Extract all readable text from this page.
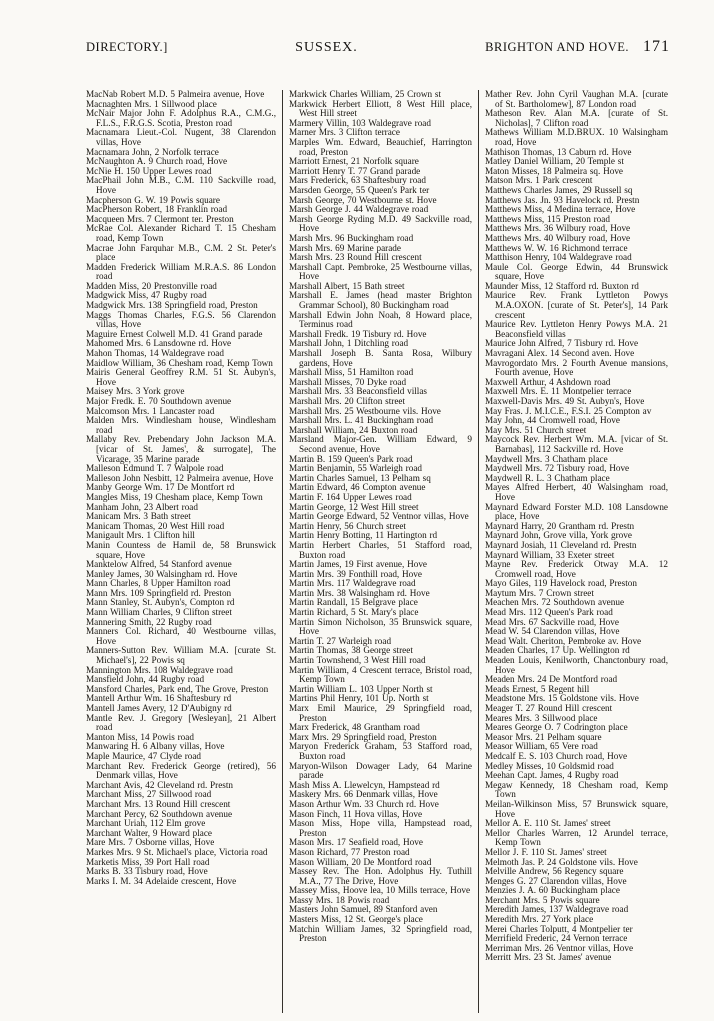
DIRECTORY.]	SUSSEX.	BRIGHTON AND HOVE. 171

MacNab Robert M.D. 5 Palmeira avenue, Hove

Macnaghten Mrs. 1 Sillwood place

McNair Major John F. Adolphus R.A., C.M.G., F.L.S., F.R.G.S. Scotia, Preston road

Macnamara Lieut.-Col. Nugent, 38 Clarendon villas, Hove

Macnamara John, 2 Norfolk terrace

McNaughton A. 9 Church road, Hove

McNie H. 150 Upper Lewes road

MacPhail John M.B., C.M. 110 Sackville road, Hove

Macpherson G. W. 19 Powis square

MacPherson Robert, 18 Franklin road

Macqueen Mrs. 7 Clermont ter. Preston

McRae Col. Alexander Richard T. 15 Chesham road, Kemp Town

Macrae John Farquhar M.B., C.M. 2 St. Peter's place

Madden Frederick William M.R.A.S. 86 London road

Madden Miss, 20 Prestonville road

Madgwick Miss, 47 Rugby road

Madgwick Mrs. 138 Springfield road, Preston

Maggs Thomas Charles, F.G.S. 56 Clarendon villas, Hove

Maguire Ernest Colwell M.D. 41 Grand parade

Mahomed Mrs. 6 Lansdowne rd. Hove

Mahon Thomas, 14 Waldegrave road

Maidlow William, 36 Chesham road, Kemp Town

Mairis General Geoffrey R.M. 51 St. Aubyn's, Hove

Maisey Mrs. 3 York grove

Major Fredk. E. 70 Southdown avenue

Malcomson Mrs. 1 Lancaster road

Malden Mrs. Windlesham house, Windlesham road

Mallaby Rev. Prebendary John Jackson M.A. [vicar of St. James', & surrogate], The Vicarage, 35 Marine parade

Malleson Edmund T. 7 Walpole road

Malleson John Nesbitt, 12 Palmeira avenue, Hove

Manby George Wm. 17 De Montfort rd

Mangles Miss, 19 Chesham place, Kemp Town

Manham John, 23 Albert road

Manicam Mrs. 3 Bath street

Manicam Thomas, 20 West Hill road

Manigault Mrs. 1 Clifton hill

Manin Countess de Hamil de, 58 Brunswick square, Hove

Manktelow Alfred, 54 Stanford avenue

Manley James, 30 Walsingham rd. Hove

Mann Charles, 8 Upper Hamilton road

Mann Mrs. 109 Springfield rd. Preston

Mann Stanley, St. Aubyn's, Compton rd

Mann William Charles, 9 Clifton street

Mannering Smith, 22 Rugby road

Manners Col. Richard, 40 Westbourne villas, Hove

Manners-Sutton Rev. William M.A. [curate St. Michael's], 22 Powis sq

Mannington Mrs. 108 Waldegrave road

Mansfield John, 44 Rugby road

Mansford Charles, Park end, The Grove, Preston

Mantell Arthur Wm. 16 Shaftesbury rd

Mantell James Avery, 12 D'Aubigny rd

Mantle Rev. J. Gregory [Wesleyan], 21 Albert road

Manton Miss, 14 Powis road

Manwaring H. 6 Albany villas, Hove

Maple Maurice, 47 Clyde road

Marchant Rev. Frederick George (retired), 56 Denmark villas, Hove

Marchant Avis, 42 Cleveland rd. Prestn

Marchant Miss, 27 Sillwood road

Marchant Mrs. 13 Round Hill crescent

Marchant Percy, 62 Southdown avenue

Marchant Uriah, 112 Elm grove

Marchant Walter, 9 Howard place

Mare Mrs. 7 Osborne villas, Hove

Markes Mrs. 9 St. Michael's place, Victoria road

Marketis Miss, 39 Port Hall road

Marks B. 33 Tisbury road, Hove

Marks I. M. 34 Adelaide crescent, Hove

Markwick Charles William, 25 Crown st

Markwick Herbert Elliott, 8 West Hill place, West Hill street

Marmery Villin, 103 Waldegrave road

Marner Mrs. 3 Clifton terrace

Marples Wm. Edward, Beauchief, Harrington road, Preston

Marriott Ernest, 21 Norfolk square

Marriott Henry T. 77 Grand parade

Mars Frederick, 63 Shaftesbury road

Marsden George, 55 Queen's Park ter

Marsh George, 70 Westbourne st. Hove

Marsh George J. 44 Waldegrave road

Marsh George Ryding M.D. 49 Sackville road, Hove

Marsh Mrs. 96 Buckingham road

Marsh Mrs. 69 Marine parade

Marsh Mrs. 23 Round Hill crescent

Marshall Capt. Pembroke, 25 Westbourne villas, Hove

Marshall Albert, 15 Bath street

Marshall E. James (head master Brighton Grammar School), 80 Buckingham road

Marshall Edwin John Noah, 8 Howard place, Terminus road

Marshall Fredk. 19 Tisbury rd. Hove

Marshall John, 1 Ditchling road

Marshall Joseph B. Santa Rosa, Wilbury gardens, Hove

Marshall Miss, 51 Hamilton road

Marshall Misses, 70 Dyke road

Marshall Mrs. 33 Beaconsfield villas

Marshall Mrs. 20 Clifton street

Marshall Mrs. 25 Westbourne vils. Hove

Marshall Mrs. L. 41 Buckingham road

Marshall William, 24 Buxton road

Marsland Major-Gen. William Edward, 9 Second avenue, Hove

Martin B. 159 Queen's Park road

Martin Benjamin, 55 Warleigh road

Martin Charles Samuel, 13 Pelham sq

Martin Edward, 46 Compton avenue

Martin F. 164 Upper Lewes road

Martin George, 12 West Hill street

Martin George Edward, 52 Ventnor villas, Hove

Martin Henry, 56 Church street

Martin Henry Botting, 11 Hartington rd

Martin Herbert Charles, 51 Stafford road, Buxton road

Martin James, 19 First avenue, Hove

Martin Mrs. 39 Fonthill road, Hove

Martin Mrs. 117 Waldegrave road

Martin Mrs. 38 Walsingham rd. Hove

Martin Randall, 15 Belgrave place

Martin Richard, 5 St. Mary's place

Martin Simon Nicholson, 35 Brunswick square, Hove

Martin T. 27 Warleigh road

Martin Thomas, 38 George street

Martin Townshend, 3 West Hill road

Martin William, 4 Crescent terrace, Bristol road, Kemp Town

Martin William L. 103 Upper North st

Martins Phil Henry, 101 Up. North st

Marx Emil Maurice, 29 Springfield road, Preston

Marx Frederick, 48 Grantham road

Marx Mrs. 29 Springfield road, Preston

Maryon Frederick Graham, 53 Stafford road, Buxton road

Maryon-Wilson Dowager Lady, 64 Marine parade

Mash Miss A. Llewelcyn, Hampstead rd

Maskery Mrs. 66 Denmark villas, Hove

Mason Arthur Wm. 33 Church rd. Hove

Mason Finch, 11 Hova villas, Hove

Mason Miss, Hope villa, Hampstead road, Preston

Mason Mrs. 17 Seafield road, Hove

Mason Richard, 77 Preston road

Mason William, 20 De Montford road

Massey Rev. The Hon. Adolphus Hy. Tuthill M.A., 77 The Drive, Hove

Massey Miss, Hoove lea, 10 Mills terrace, Hove

Massy Mrs. 18 Powis road

Masters John Samuel, 89 Stanford aven

Masters Miss, 12 St. George's place

Matchin William James, 32 Springfield road, Preston

Mather Rev. John Cyril Vaughan M.A. [curate of St. Bartholomew], 87 London road

Matheson Rev. Alan M.A. [curate of St. Nicholas], 7 Clifton road

Mathews William M.D.BRUX. 10 Walsingham road, Hove

Mathison Thomas, 13 Caburn rd. Hove

Matley Daniel William, 20 Temple st

Maton Misses, 18 Palmeira sq. Hove

Matson Mrs. 1 Park crescent

Matthews Charles James, 29 Russell sq

Matthews Jas. Jn. 93 Havelock rd. Prestn

Matthews Miss, 4 Medina terrace, Hove

Matthews Miss, 115 Preston road

Matthews Mrs. 36 Wilbury road, Hove

Matthews Mrs. 40 Wilbury road, Hove

Matthews W. W. 16 Richmond terrace

Matthison Henry, 104 Waldegrave road

Maule Col. George Edwin, 44 Brunswick square, Hove

Maunder Miss, 12 Stafford rd. Buxton rd

Maurice Rev. Frank Lyttleton Powys M.A.OXON. [curate of St. Peter's], 14 Park crescent

Maurice Rev. Lyttleton Henry Powys M.A. 21 Beaconsfield villas

Maurice John Alfred, 7 Tisbury rd. Hove

Mavragani Alex. 14 Second aven. Hove

Mavrogordato Mrs. 2 Fourth Avenue mansions, Fourth avenue, Hove

Maxwell Arthur, 4 Ashdown road

Maxwell Mrs. E. 11 Montpelier terrace

Maxwell-Davis Mrs. 49 St. Aubyn's, Hove

May Fras. J. M.I.C.E., F.S.I. 25 Compton av

May John, 44 Cromwell road, Hove

May Mrs. 51 Church street

Maycock Rev. Herbert Wm. M.A. [vicar of St. Barnabas], 112 Sackville rd. Hove

Maydwell Mrs. 3 Chatham place

Maydwell Mrs. 72 Tisbury road, Hove

Maydwell R. L. 3 Chatham place

Mayes Alfred Herbert, 40 Walsingham road, Hove

Maynard Edward Forster M.D. 108 Lansdowne place, Hove

Maynard Harry, 20 Grantham rd. Prestn

Maynard John, Grove villa, York grove

Maynard Josiah, 11 Cleveland rd. Prestn

Maynard William, 33 Exeter street

Mayne Rev. Frederick Otway M.A. 12 Cromwell road, Hove

Mayo Giles, 119 Havelock road, Preston

Maytum Mrs. 7 Crown street

Meachen Mrs. 72 Southdown avenue

Mead Mrs. 112 Queen's Park road

Mead Mrs. 67 Sackville road, Hove

Mead W. 54 Clarendon villas, Hove

Mead Walt. Cheriton, Pembroke av. Hove

Meaden Charles, 17 Up. Wellington rd

Meaden Louis, Kenilworth, Chanctonbury road, Hove

Meaden Mrs. 24 De Montford road

Meads Ernest, 5 Regent hill

Meadstone Mrs. 15 Goldstone vils. Hove

Meager T. 27 Round Hill crescent

Meares Mrs. 3 Sillwood place

Meares George O. 7 Codrington place

Measor Mrs. 21 Pelham square

Measor William, 65 Vere road

Medcalf E. S. 103 Church road, Hove

Medley Misses, 10 Goldsmid road

Meehan Capt. James, 4 Rugby road

Megaw Kennedy, 18 Chesham road, Kemp Town

Meilan-Wilkinson Miss, 57 Brunswick square, Hove

Mellor A. E. 110 St. James' street

Mellor Charles Warren, 12 Arundel terrace, Kemp Town

Mellor J. F. 110 St. James' street

Melmoth Jas. P. 24 Goldstone vils. Hove

Melville Andrew, 56 Regency square

Menges G. 27 Clarendon villas, Hove

Menzies J. A. 60 Buckingham place

Merchant Mrs. 5 Powis square

Meredith James, 137 Waldegrave road

Meredith Mrs. 27 York place

Merei Charles Tolputt, 4 Montpelier ter

Merrifield Frederic, 24 Vernon terrace

Merriman Mrs. 26 Ventnor villas, Hove

Merritt Mrs. 23 St. James' avenue
